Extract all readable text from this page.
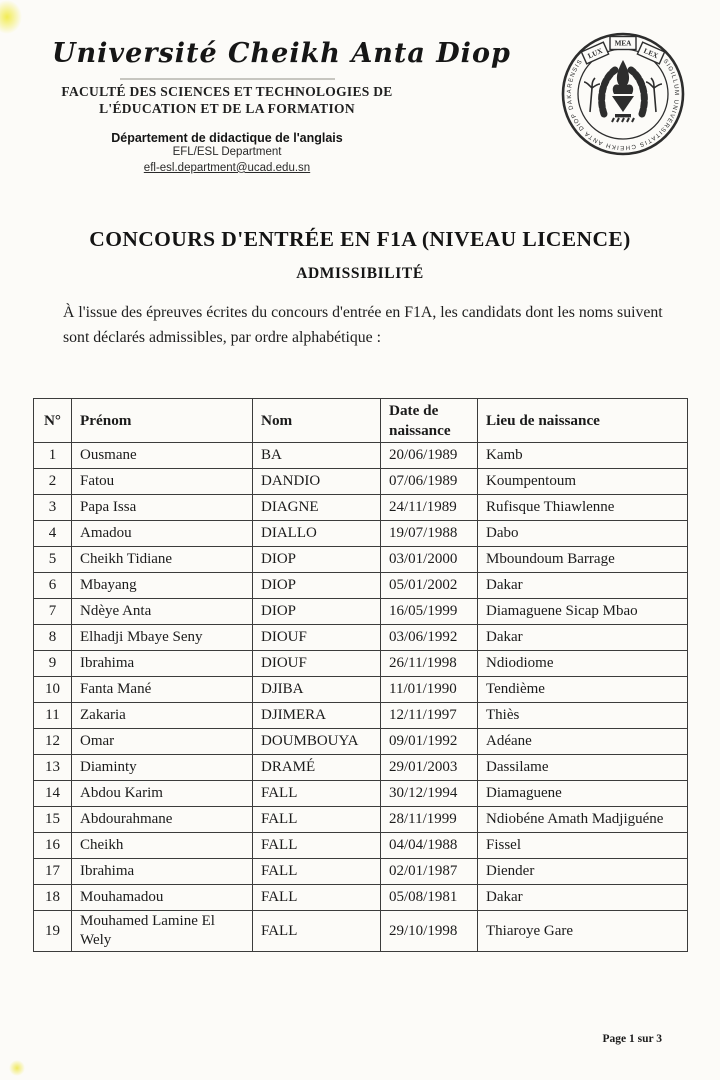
Université Cheikh Anta Diop
FACULTÉ DES SCIENCES ET TECHNOLOGIES DE
L'ÉDUCATION ET DE LA FORMATION
Département de didactique de l'anglais
EFL/ESL Department
efl-esl.department@ucad.edu.sn
SIGILLUM UNIVERSITATIS CHEIKH ANTA DIOP DAKARENSIS
LUX
MEA
LEX
CONCOURS D'ENTRÉE EN F1A (NIVEAU LICENCE)
ADMISSIBILITÉ

À l'issue des épreuves écrites du concours d'entrée en F1A, les candidats dont les noms suivent sont déclarés admissibles, par ordre alphabétique :

N°	Prénom	Nom	Date de naissance	Lieu de naissance
1	Ousmane	BA	20/06/1989	Kamb
2	Fatou	DANDIO	07/06/1989	Koumpentoum
3	Papa Issa	DIAGNE	24/11/1989	Rufisque Thiawlenne
4	Amadou	DIALLO	19/07/1988	Dabo
5	Cheikh Tidiane	DIOP	03/01/2000	Mboundoum Barrage
6	Mbayang	DIOP	05/01/2002	Dakar
7	Ndèye Anta	DIOP	16/05/1999	Diamaguene Sicap Mbao
8	Elhadji Mbaye Seny	DIOUF	03/06/1992	Dakar
9	Ibrahima	DIOUF	26/11/1998	Ndiodiome
10	Fanta Mané	DJIBA	11/01/1990	Tendième
11	Zakaria	DJIMERA	12/11/1997	Thiès
12	Omar	DOUMBOUYA	09/01/1992	Adéane
13	Diaminty	DRAMÉ	29/01/2003	Dassilame
14	Abdou Karim	FALL	30/12/1994	Diamaguene
15	Abdourahmane	FALL	28/11/1999	Ndiobéne Amath Madjiguéne
16	Cheikh	FALL	04/04/1988	Fissel
17	Ibrahima	FALL	02/01/1987	Diender
18	Mouhamadou	FALL	05/08/1981	Dakar
19	Mouhamed Lamine El Wely	FALL	29/10/1998	Thiaroye Gare
Page 1 sur 3
